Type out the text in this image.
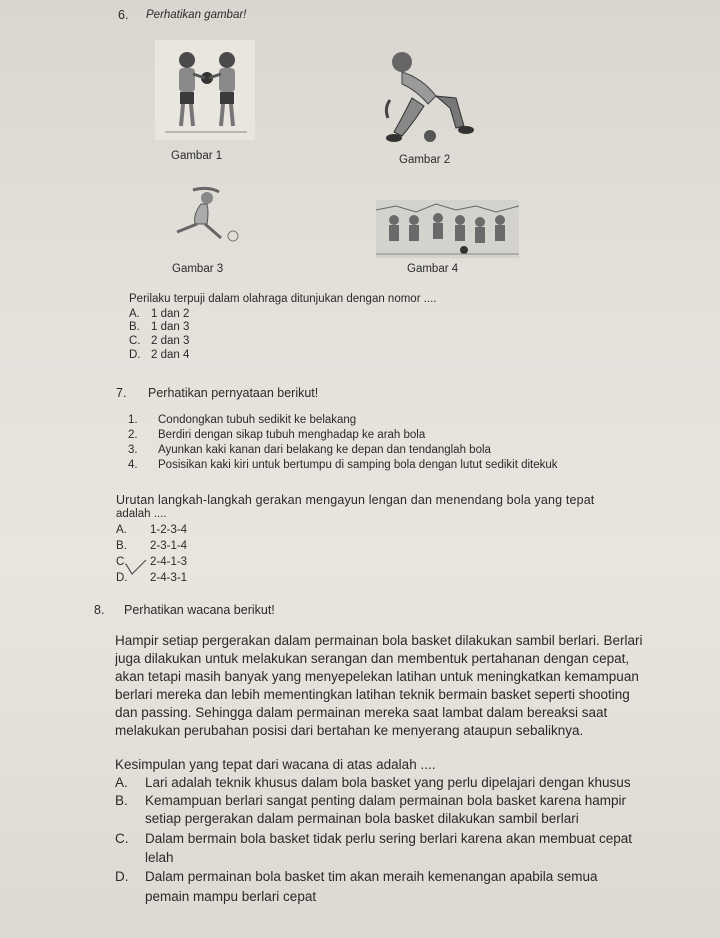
6. Perhatikan gambar!
Gambar 1	Gambar 2
Gambar 3	Gambar 4
Perilaku terpuji dalam olahraga ditunjukan dengan nomor ....
A. 1 dan 2
B. 1 dan 3
C. 2 dan 3
D. 2 dan 4
7. Perhatikan pernyataan berikut!
1. Condongkan tubuh sedikit ke belakang
2. Berdiri dengan sikap tubuh menghadap ke arah bola
3. Ayunkan kaki kanan dari belakang ke depan dan tendanglah bola
4. Posisikan kaki kiri untuk bertumpu di samping bola dengan lutut sedikit ditekuk
Urutan langkah-langkah gerakan mengayun lengan dan menendang bola yang tepat
adalah ....
A. 1-2-3-4
B. 2-3-1-4
C. 2-4-1-3
D. 2-4-3-1
8. Perhatikan wacana berikut!
Hampir setiap pergerakan dalam permainan bola basket dilakukan sambil berlari. Berlari
juga dilakukan untuk melakukan serangan dan membentuk pertahanan dengan cepat,
akan tetapi masih banyak yang menyepelekan latihan untuk meningkatkan kemampuan
berlari mereka dan lebih mementingkan latihan teknik bermain basket seperti shooting
dan passing. Sehingga dalam permainan mereka saat lambat dalam bereaksi saat
melakukan perubahan posisi dari bertahan ke menyerang ataupun sebaliknya.
Kesimpulan yang tepat dari wacana di atas adalah ....
A. Lari adalah teknik khusus dalam bola basket yang perlu dipelajari dengan khusus
B. Kemampuan berlari sangat penting dalam permainan bola basket karena hampir
setiap pergerakan dalam permainan bola basket dilakukan sambil berlari
C. Dalam bermain bola basket tidak perlu sering berlari karena akan membuat cepat
lelah
D. Dalam permainan bola basket tim akan meraih kemenangan apabila semua
pemain mampu berlari cepat
